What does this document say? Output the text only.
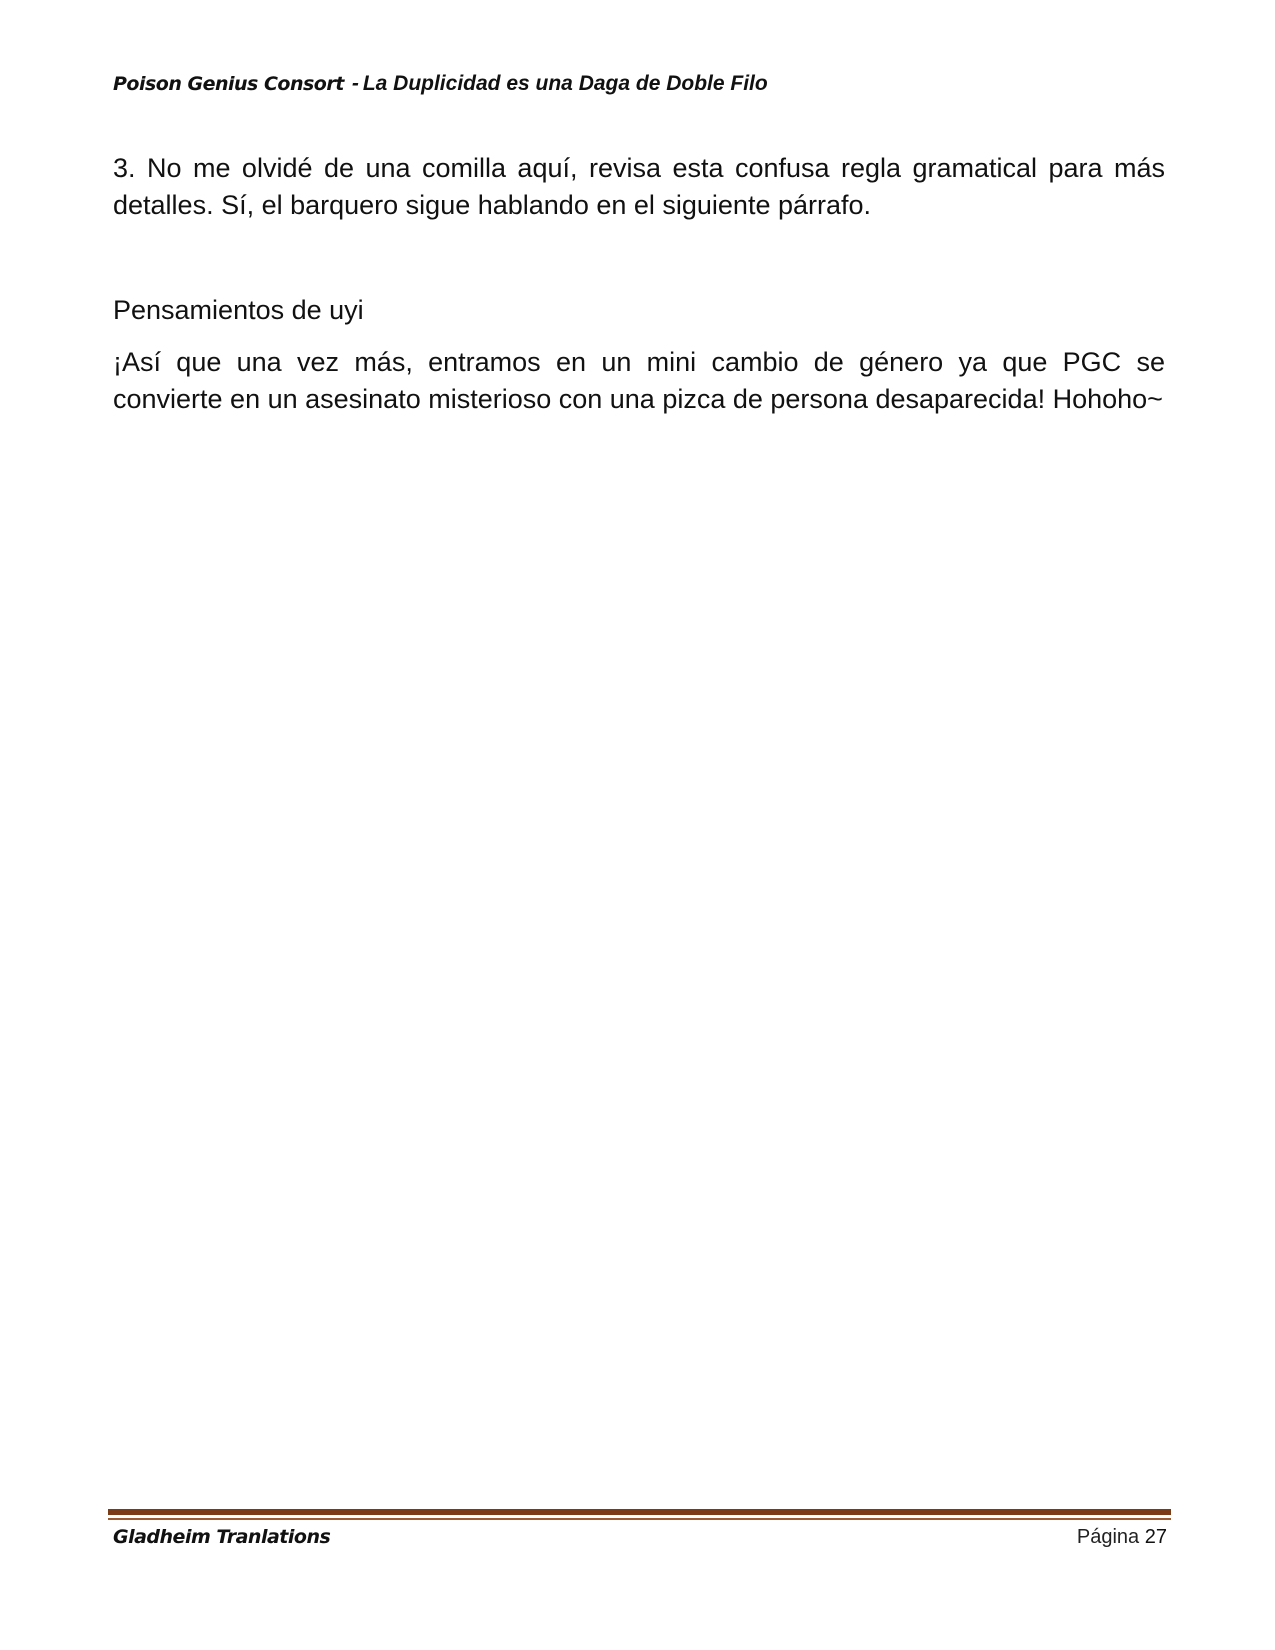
Poison Genius Consort - La Duplicidad es una Daga de Doble Filo
3. No me olvidé de una comilla aquí, revisa esta confusa regla gramatical para más detalles. Sí, el barquero sigue hablando en el siguiente párrafo.
Pensamientos de uyi
¡Así que una vez más, entramos en un mini cambio de género ya que PGC se convierte en un asesinato misterioso con una pizca de persona desaparecida! Hohoho~
Gladheim Tranlations	Página 27
